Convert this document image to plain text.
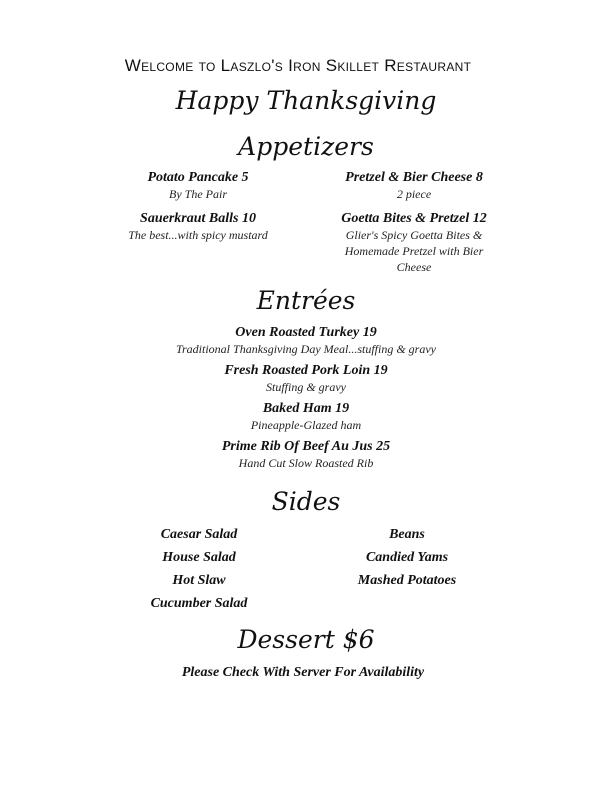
Welcome to Laszlo's Iron Skillet Restaurant
Happy Thanksgiving
Appetizers
Potato Pancake 5
By The Pair
Sauerkraut Balls 10
The best...with spicy mustard
Pretzel & Bier Cheese 8
2 piece
Goetta Bites & Pretzel 12
Glier's Spicy Goetta Bites & Homemade Pretzel with Bier Cheese
Entrées
Oven Roasted Turkey 19
Traditional Thanksgiving Day Meal...stuffing & gravy
Fresh Roasted Pork Loin 19
Stuffing & gravy
Baked Ham 19
Pineapple-Glazed ham
Prime Rib Of Beef Au Jus 25
Hand Cut Slow Roasted Rib
Sides
Caesar Salad
House Salad
Hot Slaw
Cucumber Salad
Beans
Candied Yams
Mashed Potatoes
Dessert $6
Please Check With Server For Availability
